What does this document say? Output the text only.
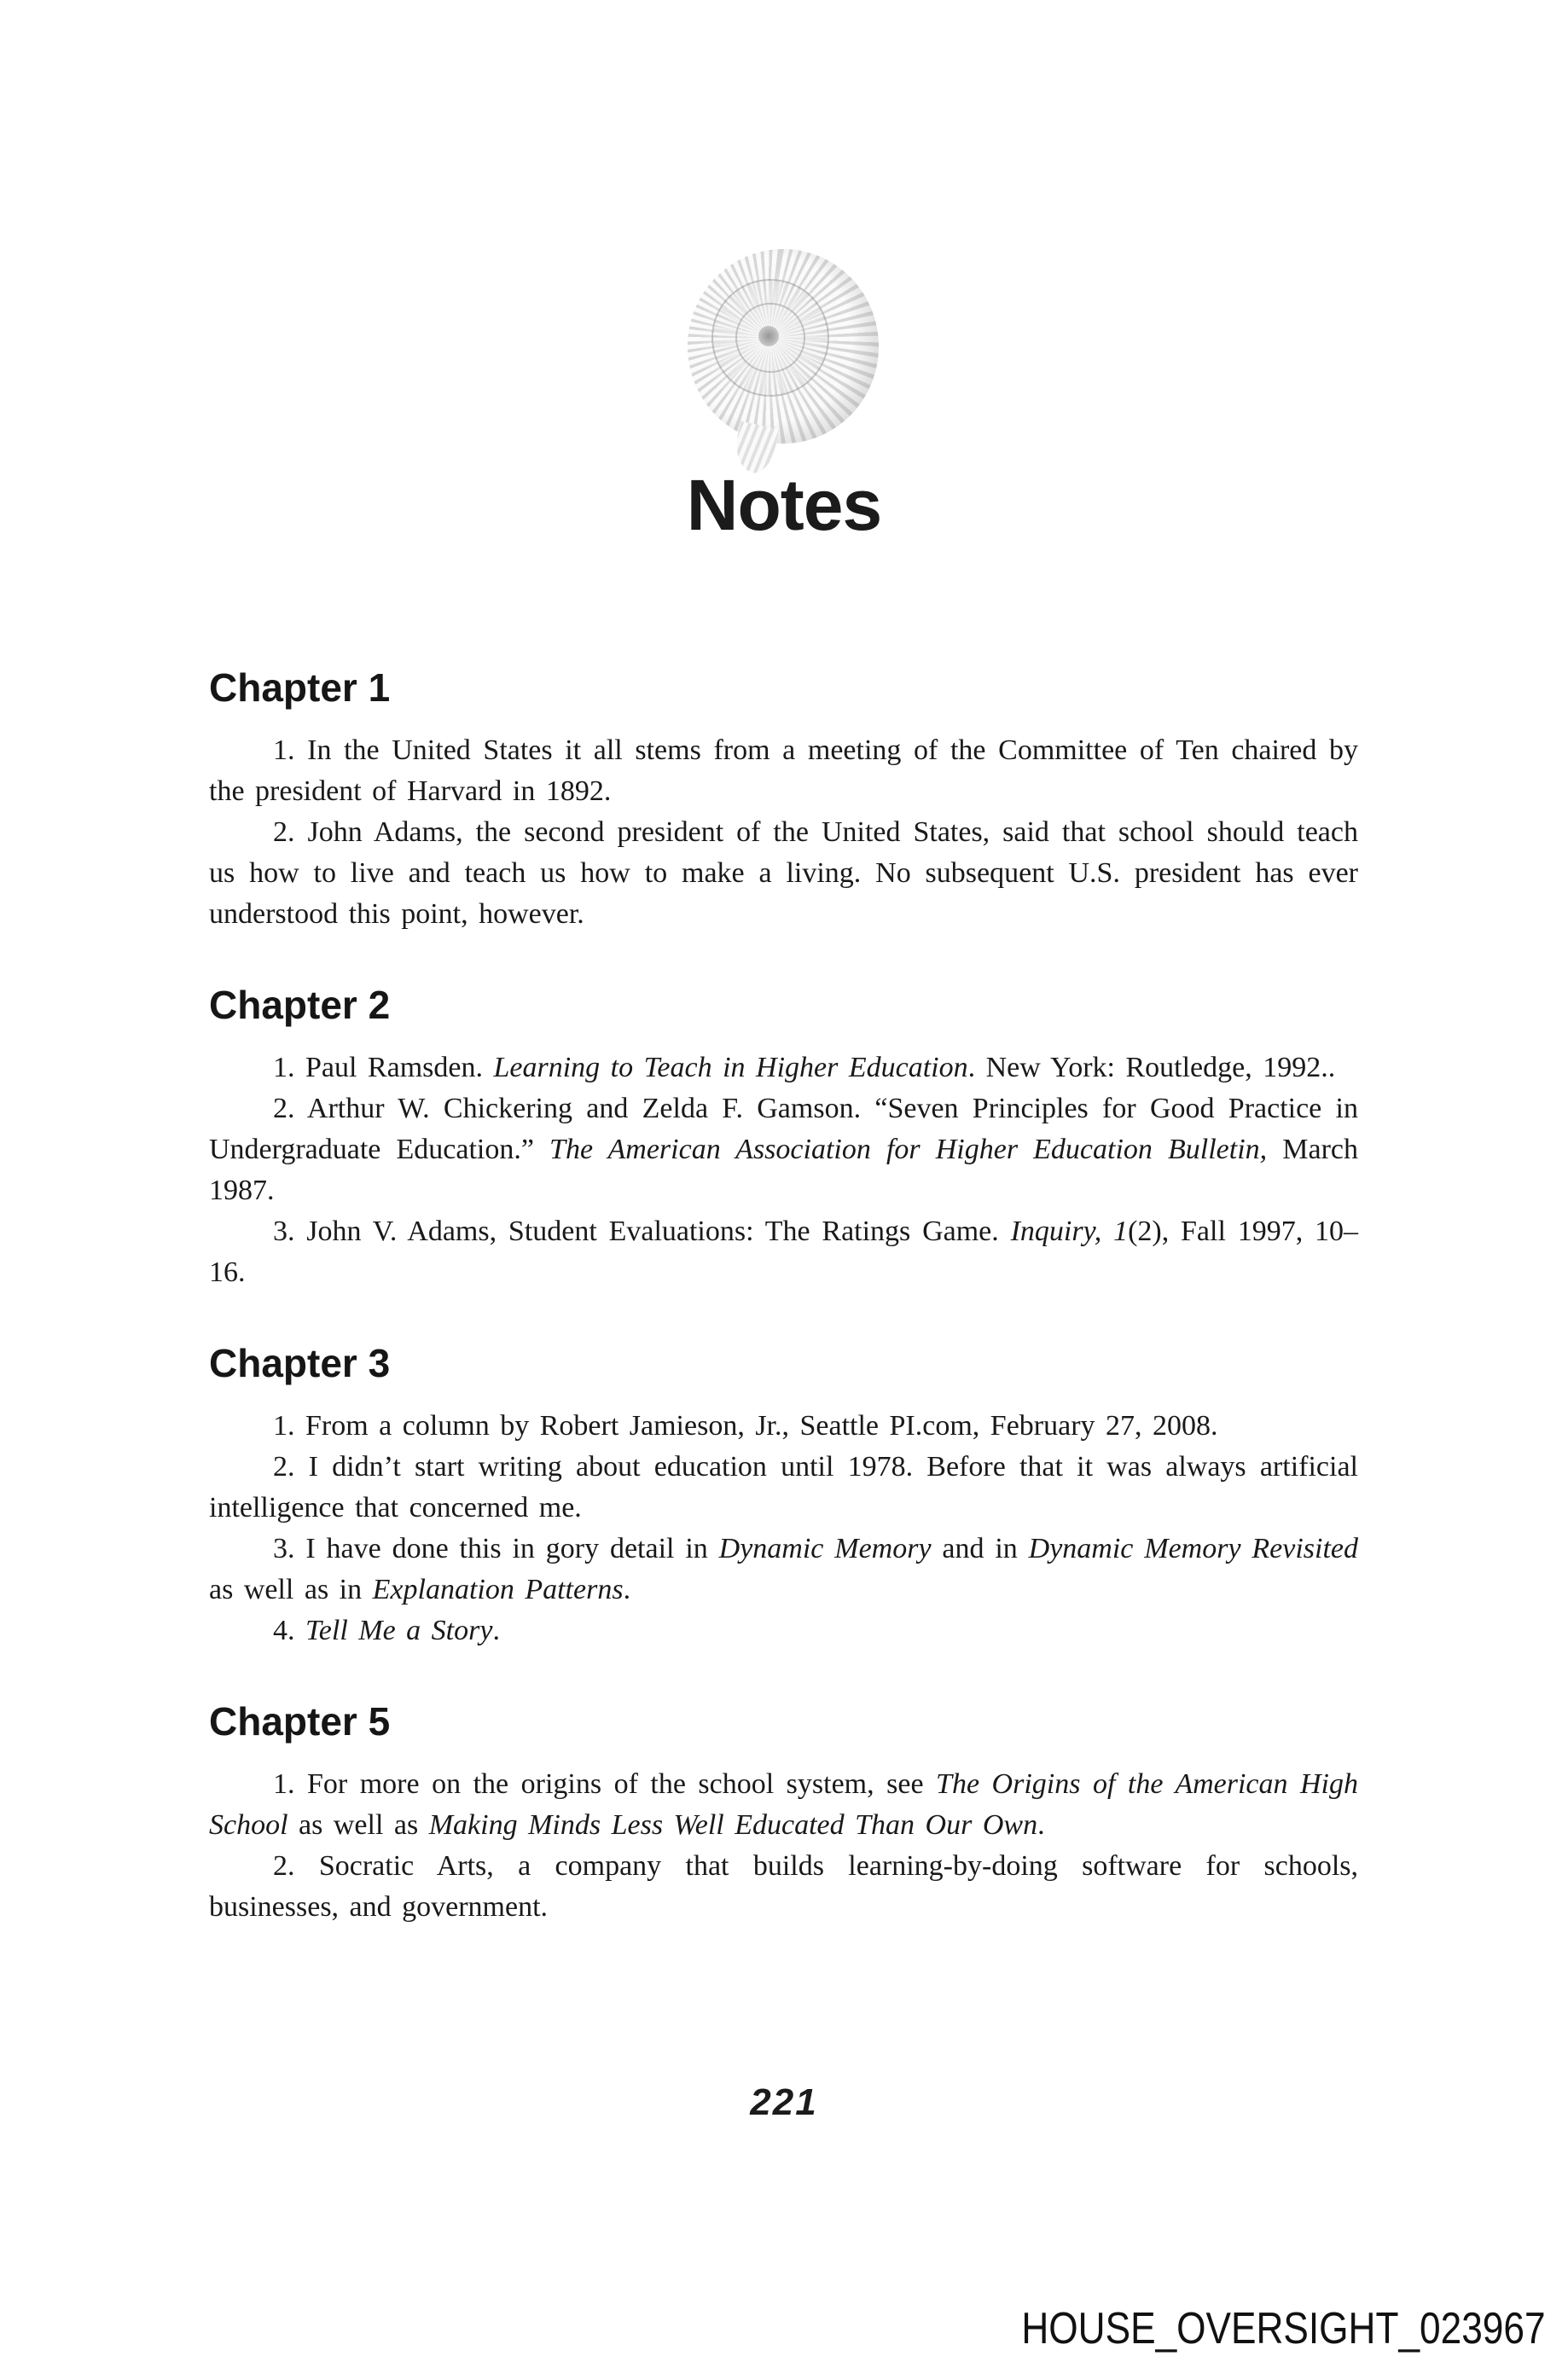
Notes
Chapter 1

1. In the United States it all stems from a meeting of the Committee of Ten chaired by the president of Harvard in 1892.

2. John Adams, the second president of the United States, said that school should teach us how to live and teach us how to make a living. No subsequent U.S. president has ever understood this point, however.

Chapter 2

1. Paul Ramsden. Learning to Teach in Higher Education. New York: Routledge, 1992..

2. Arthur W. Chickering and Zelda F. Gamson. “Seven Principles for Good Practice in Undergraduate Education.” The American Association for Higher Education Bulletin, March 1987.

3. John V. Adams, Student Evaluations: The Ratings Game. Inquiry, 1(2), Fall 1997, 10–16.

Chapter 3

1. From a column by Robert Jamieson, Jr., Seattle PI.com, February 27, 2008.

2. I didn’t start writing about education until 1978. Before that it was always artificial intelligence that concerned me.

3. I have done this in gory detail in Dynamic Memory and in Dynamic Memory Revisited as well as in Explanation Patterns.

4. Tell Me a Story.

Chapter 5

1. For more on the origins of the school system, see The Origins of the American High School as well as Making Minds Less Well Educated Than Our Own.

2. Socratic Arts, a company that builds learning-by-doing software for schools, businesses, and government.

221
HOUSE_OVERSIGHT_023967
